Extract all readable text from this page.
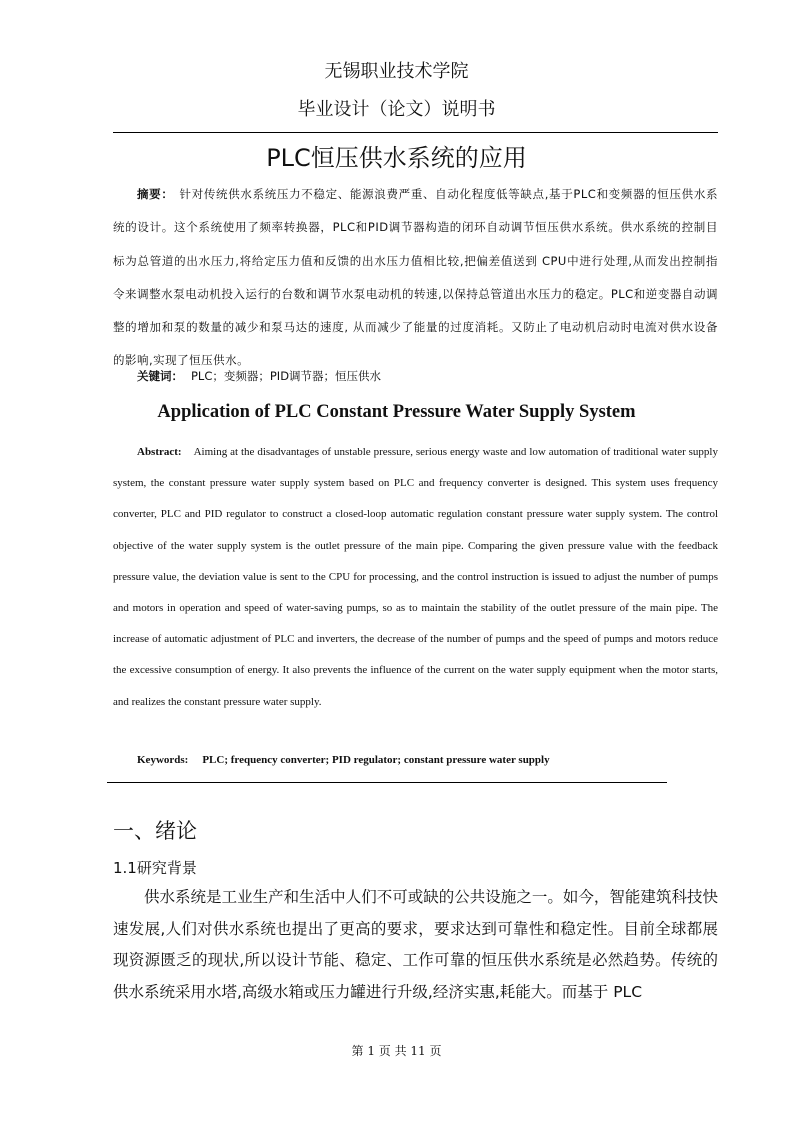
无锡职业技术学院
毕业设计（论文）说明书
PLC恒压供水系统的应用
摘要： 针对传统供水系统压力不稳定、能源浪费严重、自动化程度低等缺点,基于PLC和变频器的恒压供水系统的设计。这个系统使用了频率转换器，PLC和PID调节器构造的闭环自动调节恒压供水系统。供水系统的控制目标为总管道的出水压力,将给定压力值和反馈的出水压力值相比较,把偏差值送到 CPU中进行处理,从而发出控制指令来调整水泵电动机投入运行的台数和调节水泵电动机的转速,以保持总管道出水压力的稳定。PLC和逆变器自动调整的增加和泵的数量的减少和泵马达的速度, 从而减少了能量的过度消耗。又防止了电动机启动时电流对供水设备的影响,实现了恒压供水。
关键词： PLC；变频器；PID调节器；恒压供水
Application of PLC Constant Pressure Water Supply System
Abstract: Aiming at the disadvantages of unstable pressure, serious energy waste and low automation of traditional water supply system, the constant pressure water supply system based on PLC and frequency converter is designed. This system uses frequency converter, PLC and PID regulator to construct a closed-loop automatic regulation constant pressure water supply system. The control objective of the water supply system is the outlet pressure of the main pipe. Comparing the given pressure value with the feedback pressure value, the deviation value is sent to the CPU for processing, and the control instruction is issued to adjust the number of pumps and motors in operation and speed of water-saving pumps, so as to maintain the stability of the outlet pressure of the main pipe. The increase of automatic adjustment of PLC and inverters, the decrease of the number of pumps and the speed of pumps and motors reduce the excessive consumption of energy. It also prevents the influence of the current on the water supply equipment when the motor starts, and realizes the constant pressure water supply.
Keywords: PLC; frequency converter; PID regulator; constant pressure water supply
一、绪论
1.1研究背景
供水系统是工业生产和生活中人们不可或缺的公共设施之一。如今，智能建筑科技快速发展,人们对供水系统也提出了更高的要求，要求达到可靠性和稳定性。目前全球都展现资源匮乏的现状,所以设计节能、稳定、工作可靠的恒压供水系统是必然趋势。传统的供水系统采用水塔,高级水箱或压力罐进行升级,经济实惠,耗能大。而基于 PLC
第 1 页 共 11 页
